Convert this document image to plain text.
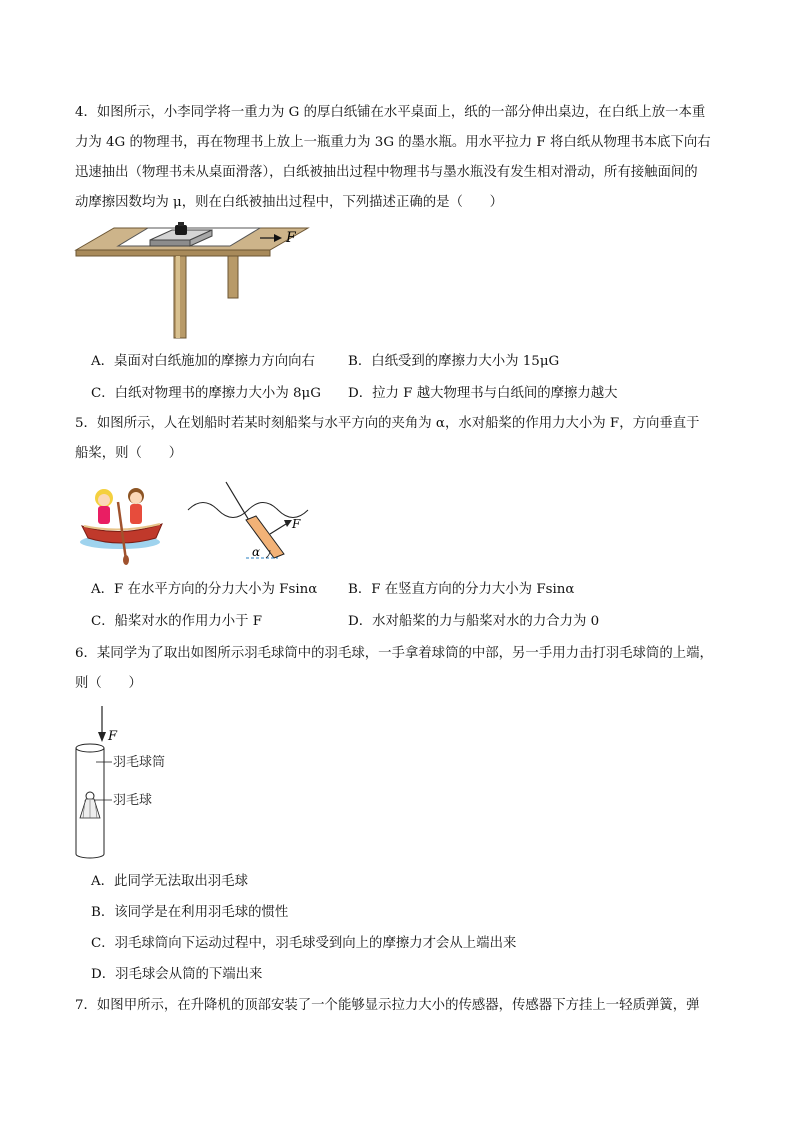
4．如图所示，小李同学将一重力为 G 的厚白纸铺在水平桌面上，纸的一部分伸出桌边，在白纸上放一本重
力为 4G 的物理书，再在物理书上放上一瓶重力为 3G 的墨水瓶。用水平拉力 F 将白纸从物理书本底下向右
迅速抽出（物理书未从桌面滑落），白纸被抽出过程中物理书与墨水瓶没有发生相对滑动，所有接触面间的
动摩擦因数均为 μ，则在白纸被抽出过程中，下列描述正确的是（　　）
F
A．桌面对白纸施加的摩擦力方向向右 B．白纸受到的摩擦力大小为 15μG
C．白纸对物理书的摩擦力大小为 8μG D．拉力 F 越大物理书与白纸间的摩擦力越大
5．如图所示，人在划船时若某时刻船桨与水平方向的夹角为 α，水对船桨的作用力大小为 F，方向垂直于
船桨，则（　　）
α
F
A．F 在水平方向的分力大小为 Fsinα B．F 在竖直方向的分力大小为 Fsinα
C．船桨对水的作用力小于 F	D．水对船桨的力与船桨对水的力合力为 0
6．某同学为了取出如图所示羽毛球筒中的羽毛球，一手拿着球筒的中部，另一手用力击打羽毛球筒的上端，
则（　　）
F
羽毛球筒
羽毛球
A．此同学无法取出羽毛球
B．该同学是在利用羽毛球的惯性
C．羽毛球筒向下运动过程中，羽毛球受到向上的摩擦力才会从上端出来
D．羽毛球会从筒的下端出来
7．如图甲所示，在升降机的顶部安装了一个能够显示拉力大小的传感器，传感器下方挂上一轻质弹簧，弹
